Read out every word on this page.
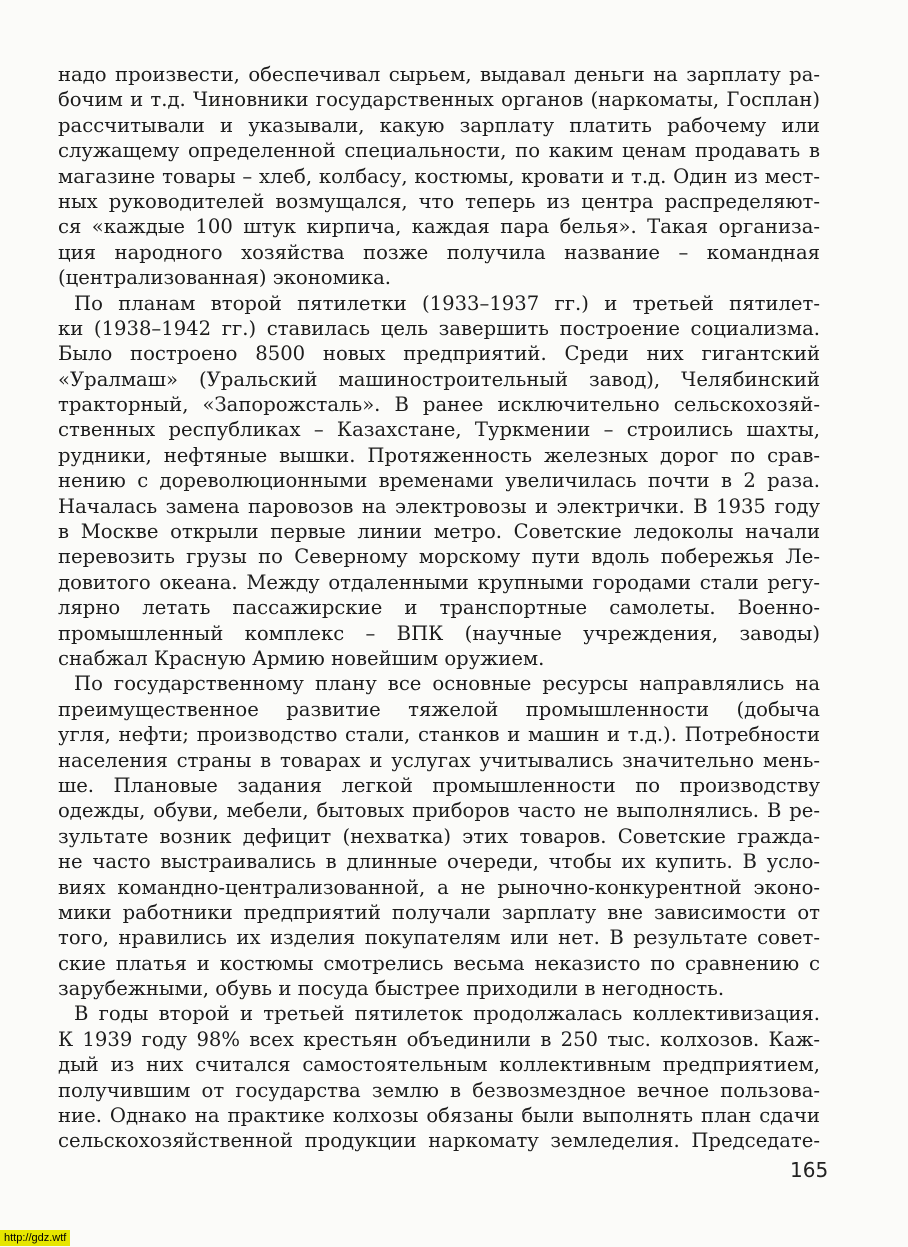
надо произвести, обеспечивал сырьем, выдавал деньги на зарплату ра-
бочим и т.д. Чиновники государственных органов (наркоматы, Госплан)
рассчитывали и указывали, какую зарплату платить рабочему или
служащему определенной специальности, по каким ценам продавать в
магазине товары – хлеб, колбасу, костюмы, кровати и т.д. Один из мест-
ных руководителей возмущался, что теперь из центра распределяют-
ся «каждые 100 штук кирпича, каждая пара белья». Такая организа-
ция народного хозяйства позже получила название – командная
(централизованная) экономика.
По планам второй пятилетки (1933–1937 гг.) и третьей пятилет-
ки (1938–1942 гг.) ставилась цель завершить построение социализма.
Было построено 8500 новых предприятий. Среди них гигантский
«Уралмаш» (Уральский машиностроительный завод), Челябинский
тракторный, «Запорожсталь». В ранее исключительно сельскохозяй-
ственных республиках – Казахстане, Туркмении – строились шахты,
рудники, нефтяные вышки. Протяженность железных дорог по срав-
нению с дореволюционными временами увеличилась почти в 2 раза.
Началась замена паровозов на электровозы и электрички. В 1935 году
в Москве открыли первые линии метро. Советские ледоколы начали
перевозить грузы по Северному морскому пути вдоль побережья Ле-
довитого океана. Между отдаленными крупными городами стали регу-
лярно летать пассажирские и транспортные самолеты. Военно-
промышленный комплекс – ВПК (научные учреждения, заводы)
снабжал Красную Армию новейшим оружием.
По государственному плану все основные ресурсы направлялись на
преимущественное развитие тяжелой промышленности (добыча
угля, нефти; производство стали, станков и машин и т.д.). Потребности
населения страны в товарах и услугах учитывались значительно мень-
ше. Плановые задания легкой промышленности по производству
одежды, обуви, мебели, бытовых приборов часто не выполнялись. В ре-
зультате возник дефицит (нехватка) этих товаров. Советские гражда-
не часто выстраивались в длинные очереди, чтобы их купить. В усло-
виях командно-централизованной, а не рыночно-конкурентной эконо-
мики работники предприятий получали зарплату вне зависимости от
того, нравились их изделия покупателям или нет. В результате совет-
ские платья и костюмы смотрелись весьма неказисто по сравнению с
зарубежными, обувь и посуда быстрее приходили в негодность.
В годы второй и третьей пятилеток продолжалась коллективизация.
К 1939 году 98% всех крестьян объединили в 250 тыс. колхозов. Каж-
дый из них считался самостоятельным коллективным предприятием,
получившим от государства землю в безвозмездное вечное пользова-
ние. Однако на практике колхозы обязаны были выполнять план сдачи
сельскохозяйственной продукции наркомату земледелия. Председате-
165
http://gdz.wtf
